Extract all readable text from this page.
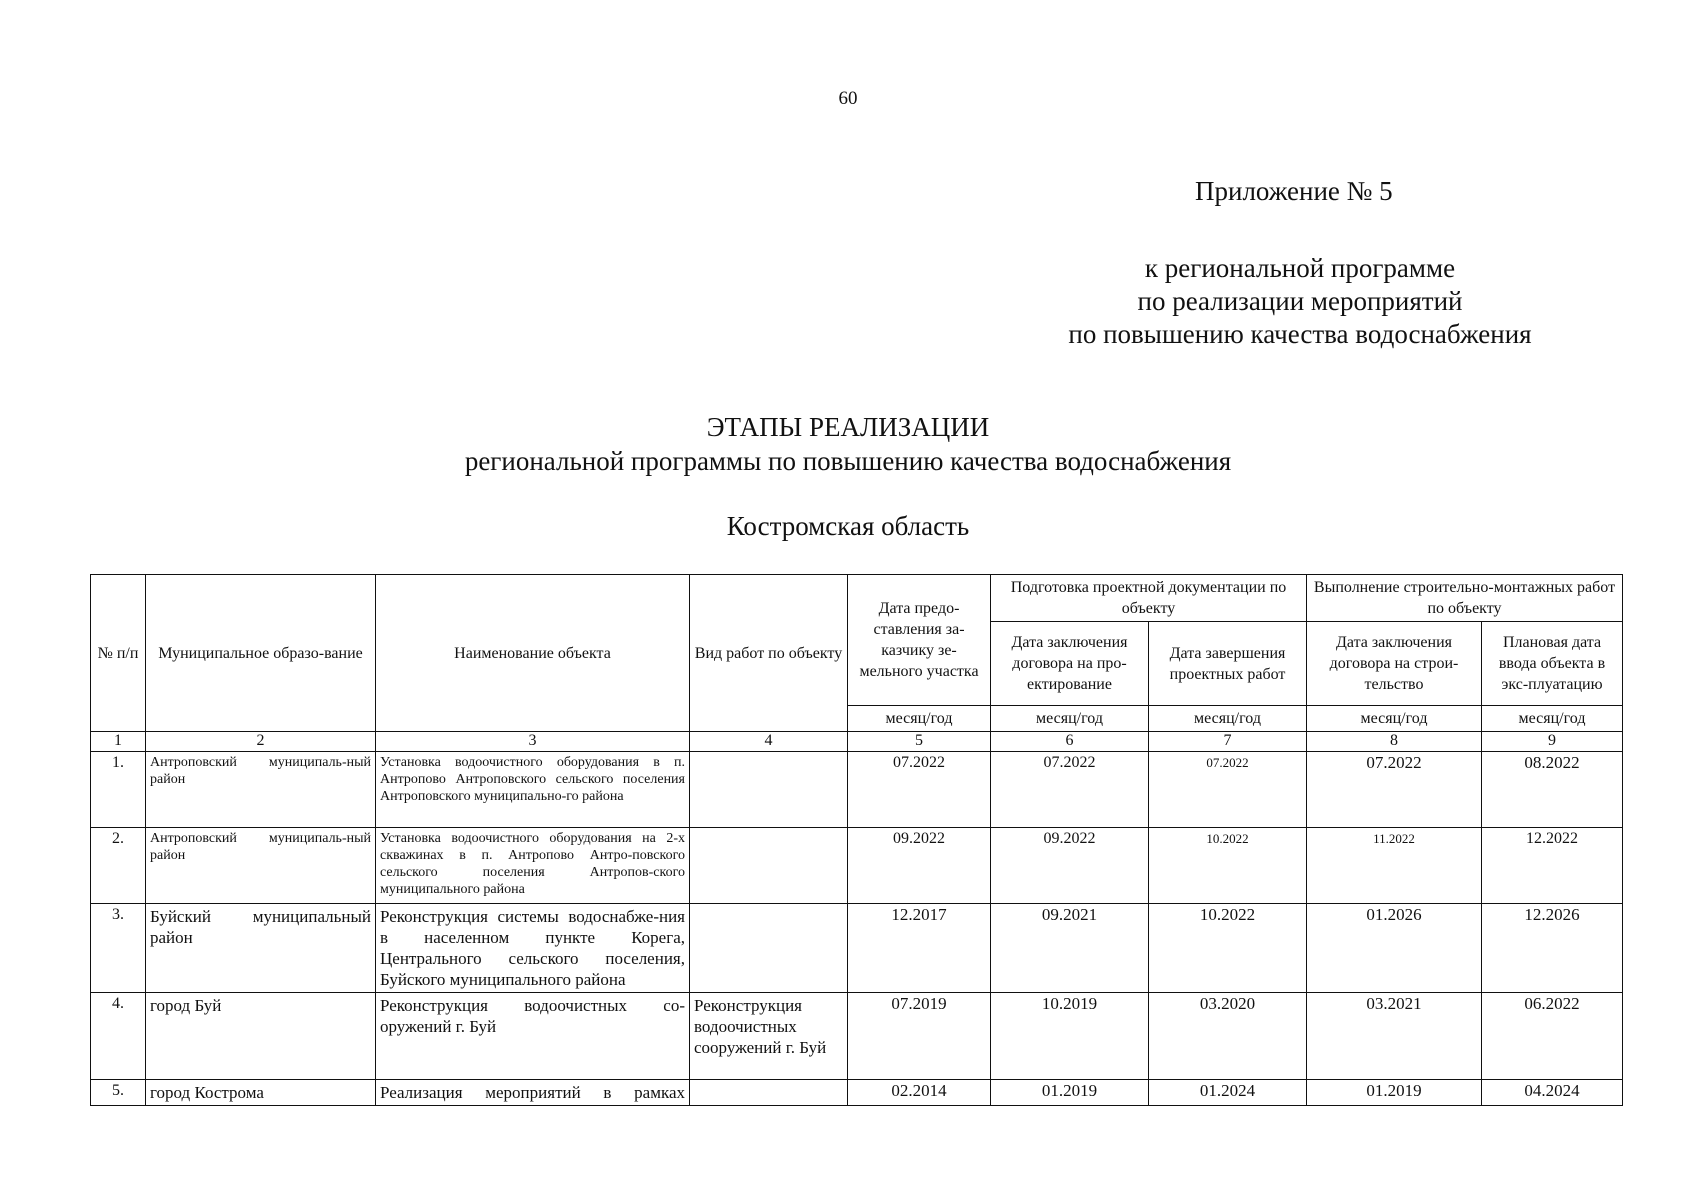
60
Приложение № 5
к региональной программе
по реализации мероприятий
по повышению качества водоснабжения
ЭТАПЫ РЕАЛИЗАЦИИ
региональной программы по повышению качества водоснабжения
Костромская область
№ п/п	Муниципальное образо-вание	Наименование объекта	Вид работ по объекту	Дата предо-ставления за-казчику зе-мельного участка	Подготовка проектной документации по объекту		Выполнение строительно-монтажных работ по объекту	
					Дата заключения договора на про-ектирование	Дата завершения проектных работ	Дата заключения договора на строи-тельство	Плановая дата ввода объекта в экс-плуатацию
				месяц/год	месяц/год	месяц/год	месяц/год	месяц/год
1	2	3	4	5	6	7	8	9
1.	Антроповский муниципаль-ный район	Установка водоочистного оборудования в п. Антропово Антроповского сельского поселения Антроповского муниципально-го района		07.2022	07.2022	07.2022	07.2022	08.2022
2.	Антроповский муниципаль-ный район	Установка водоочистного оборудования на 2-х скважинах в п. Антропово Антро-повского сельского поселения Антропов-ского муниципального района		09.2022	09.2022	10.2022	11.2022	12.2022
3.	Буйский муниципальный район	Реконструкция системы водоснабже-ния в населенном пункте Корега, Центрального сельского поселения, Буйского муниципального района		12.2017	09.2021	10.2022	01.2026	12.2026
4.	город Буй	Реконструкция водоочистных со-оружений г. Буй	Реконструкция водоочистных сооружений г. Буй	07.2019	10.2019	03.2020	03.2021	06.2022
5.	город Кострома	Реализация мероприятий в рамках		02.2014	01.2019	01.2024	01.2019	04.2024
